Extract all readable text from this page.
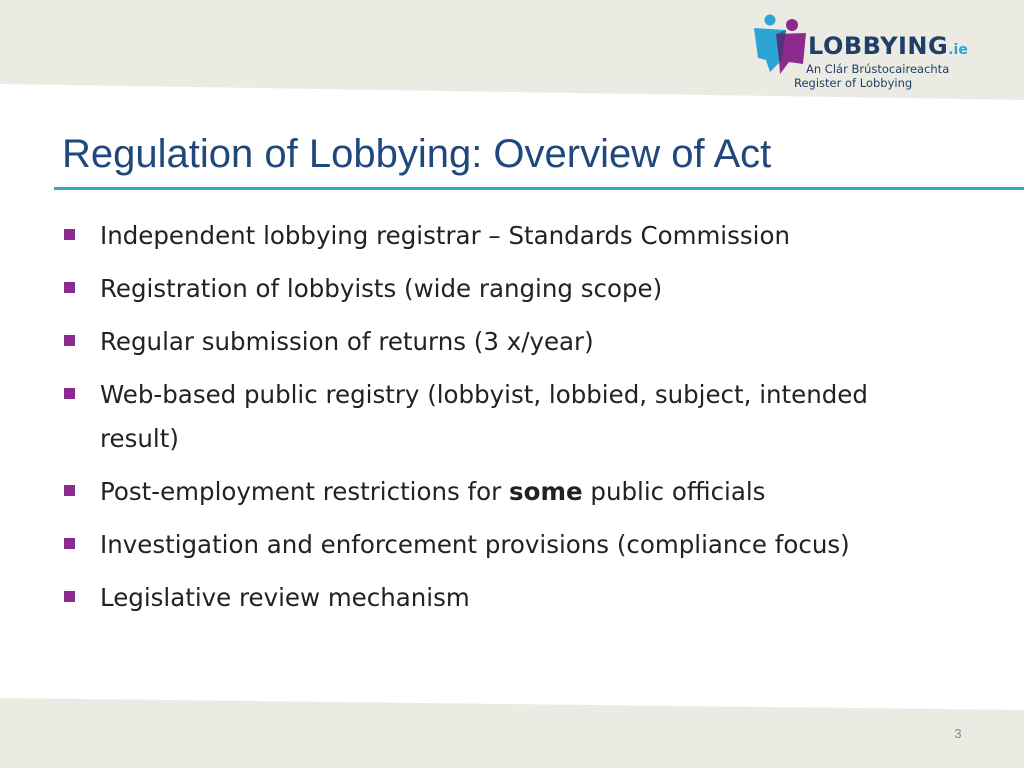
LOBBYING.ie
An Clár Brústocaireachta
Register of Lobbying
Regulation of Lobbying: Overview of Act
Independent lobbying registrar – Standards Commission
Registration of lobbyists (wide ranging scope)
Regular submission of returns (3 x/year)
Web-based public registry (lobbyist, lobbied, subject, intended result)
Post-employment restrictions for some public officials
Investigation and enforcement provisions (compliance focus)
Legislative review mechanism
3
